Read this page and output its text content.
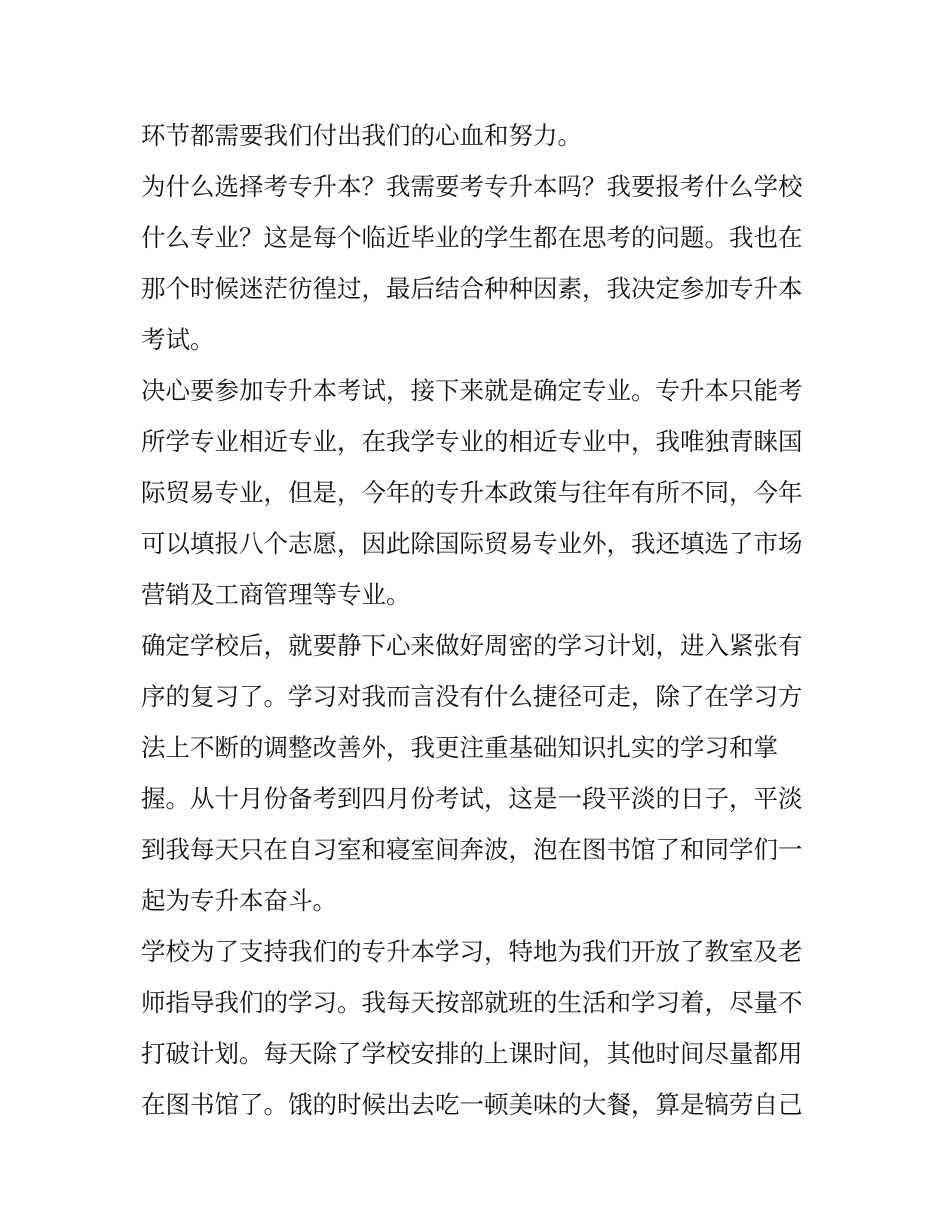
环节都需要我们付出我们的心血和努力。
为什么选择考专升本？我需要考专升本吗？我要报考什么学校
什么专业？这是每个临近毕业的学生都在思考的问题。我也在
那个时候迷茫彷徨过，最后结合种种因素，我决定参加专升本
考试。
决心要参加专升本考试，接下来就是确定专业。专升本只能考
所学专业相近专业，在我学专业的相近专业中，我唯独青睐国
际贸易专业，但是，今年的专升本政策与往年有所不同，今年
可以填报八个志愿，因此除国际贸易专业外，我还填选了市场
营销及工商管理等专业。
确定学校后，就要静下心来做好周密的学习计划，进入紧张有
序的复习了。学习对我而言没有什么捷径可走，除了在学习方
法上不断的调整改善外，我更注重基础知识扎实的学习和掌
握。从十月份备考到四月份考试，这是一段平淡的日子，平淡
到我每天只在自习室和寝室间奔波，泡在图书馆了和同学们一
起为专升本奋斗。
学校为了支持我们的专升本学习，特地为我们开放了教室及老
师指导我们的学习。我每天按部就班的生活和学习着，尽量不
打破计划。每天除了学校安排的上课时间，其他时间尽量都用
在图书馆了。饿的时候出去吃一顿美味的大餐，算是犒劳自己
